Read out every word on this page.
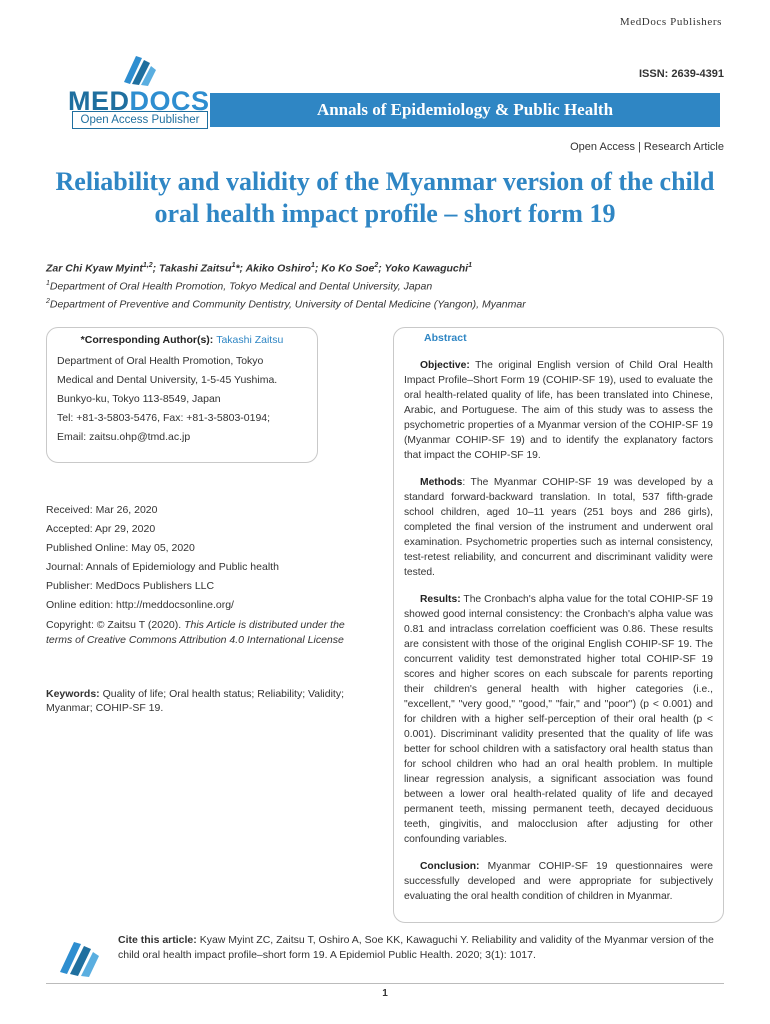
MedDocs Publishers
ISSN: 2639-4391
MEDDOCS
Open Access Publisher
Annals of Epidemiology & Public Health
Open Access | Research Article
Reliability and validity of the Myanmar version of the child oral health impact profile – short form 19
Zar Chi Kyaw Myint$^{1,2}$; Takashi Zaitsu$^1$*; Akiko Oshiro$^1$; Ko Ko Soe$^2$; Yoko Kawaguchi$^1$
$^1$Department of Oral Health Promotion, Tokyo Medical and Dental University, Japan
$^2$Department of Preventive and Community Dentistry, University of Dental Medicine (Yangon), Myanmar
*Corresponding Author(s): Takashi Zaitsu
Department of Oral Health Promotion, Tokyo
Medical and Dental University, 1-5-45 Yushima.
Bunkyo-ku, Tokyo 113-8549, Japan
Tel: +81-3-5803-5476, Fax: +81-3-5803-0194;
Email: zaitsu.ohp@tmd.ac.jp
Received: Mar 26, 2020
Accepted: Apr 29, 2020
Published Online: May 05, 2020
Journal: Annals of Epidemiology and Public health
Publisher: MedDocs Publishers LLC
Online edition: http://meddocsonline.org/
Copyright: © Zaitsu T (2020). This Article is distributed under the terms of Creative Commons Attribution 4.0 International License
Keywords: Quality of life; Oral health status; Reliability; Validity; Myanmar; COHIP-SF 19.
Abstract

Objective: The original English version of Child Oral Health Impact Profile–Short Form 19 (COHIP-SF 19), used to evaluate the oral health-related quality of life, has been translated into Chinese, Arabic, and Portuguese. The aim of this study was to assess the psychometric properties of a Myanmar version of the COHIP-SF 19 (Myanmar COHIP-SF 19) and to identify the explanatory factors that impact the COHIP-SF 19.

Methods: The Myanmar COHIP-SF 19 was developed by a standard forward-backward translation. In total, 537 fifth-grade school children, aged 10–11 years (251 boys and 286 girls), completed the final version of the instrument and underwent oral examination. Psychometric properties such as internal consistency, test-retest reliability, and concurrent and discriminant validity were tested.

Results: The Cronbach's alpha value for the total COHIP-SF 19 showed good internal consistency: the Cronbach's alpha value was 0.81 and intraclass correlation coefficient was 0.86. These results are consistent with those of the original English COHIP-SF 19. The concurrent validity test demonstrated higher total COHIP-SF 19 scores and higher scores on each subscale for parents reporting their children's general health with higher categories (i.e., "excellent," "very good," "good," "fair," and "poor") (p < 0.001) and for children with a higher self-perception of their oral health (p < 0.001). Discriminant validity presented that the quality of life was better for school children with a satisfactory oral health status than for school children who had an oral health problem. In multiple linear regression analysis, a significant association was found between a lower oral health-related quality of life and decayed permanent teeth, missing permanent teeth, decayed deciduous teeth, gingivitis, and malocclusion after adjusting for other confounding variables.

Conclusion: Myanmar COHIP-SF 19 questionnaires were successfully developed and were appropriate for subjectively evaluating the oral health condition of children in Myanmar.

Cite this article: Kyaw Myint ZC, Zaitsu T, Oshiro A, Soe KK, Kawaguchi Y. Reliability and validity of the Myanmar version of the child oral health impact profile–short form 19. A Epidemiol Public Health. 2020; 3(1): 1017.
1
